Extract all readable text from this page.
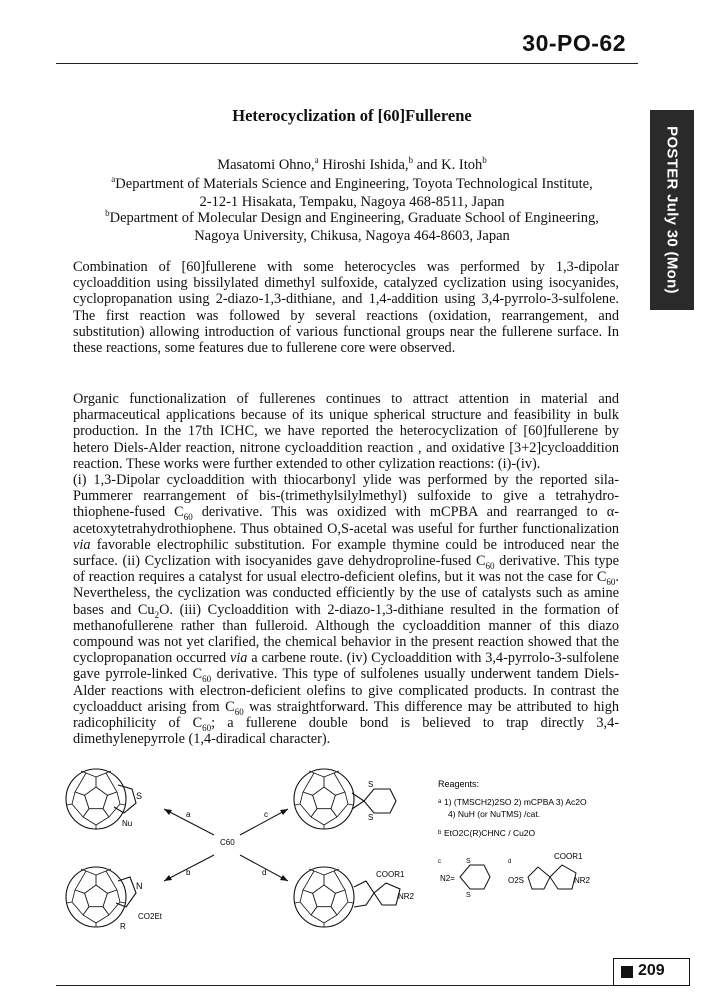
30-PO-62
POSTER July 30 (Mon)
Heterocyclization of [60]Fullerene
Masatomi Ohno,$^a$ Hiroshi Ishida,$^b$ and K. Itoh$^b$
$^a$Department of Materials Science and Engineering, Toyota Technological Institute,
2-12-1 Hisakata, Tempaku, Nagoya 468-8511, Japan
$^b$Department of Molecular Design and Engineering, Graduate School of Engineering,
Nagoya University, Chikusa, Nagoya 464-8603, Japan
Combination of [60]fullerene with some heterocycles was performed by 1,3-dipolar cycloaddition using bissilylated dimethyl sulfoxide, catalyzed cyclization using isocyanides, cyclopropanation using 2-diazo-1,3-dithiane, and 1,4-addition using 3,4-pyrrolo-3-sulfolene. The first reaction was followed by several reactions (oxidation, rearrangement, and substitution) allowing introduction of various functional groups near the fullerene surface. In these reactions, some features due to fullerene core were observed.
Organic functionalization of fullerenes continues to attract attention in material and pharmaceutical applications because of its unique spherical structure and feasibility in bulk production. In the 17th ICHC, we have reported the heterocyclization of [60]fullerene by hetero Diels-Alder reaction, nitrone cycloaddition reaction , and oxidative [3+2]cycloaddition reaction. These works were further extended to other cylization reactions: (i)-(iv).
(i) 1,3-Dipolar cycloaddition with thiocarbonyl ylide was performed by the reported sila-Pummerer rearrangement of bis-(trimethylsilylmethyl) sulfoxide to give a tetrahydro-thiophene-fused $C_{60}$ derivative. This was oxidized with mCPBA and rearranged to α-acetoxytetrahydrothiophene. Thus obtained O,S-acetal was useful for further functionalization via favorable electrophilic substitution. For example thymine could be introduced near the surface. (ii) Cyclization with isocyanides gave dehydroproline-fused $C_{60}$ derivative. This type of reaction requires a catalyst for usual electro-deficient olefins, but it was not the case for $C_{60}$. Nevertheless, the cyclization was conducted efficiently by the use of catalysts such as amine bases and $Cu_2O$. (iii) Cycloaddition with 2-diazo-1,3-dithiane resulted in the formation of methanofullerene rather than fulleroid. Although the cycloaddition manner of this diazo compound was not yet clarified, the chemical behavior in the present reaction showed that the cyclopropanation occurred via a carbene route. (iv) Cycloaddition with 3,4-pyrrolo-3-sulfolene gave pyrrole-linked $C_{60}$ derivative. This type of sulfolenes usually underwent tandem Diels-Alder reactions with electron-deficient olefins to give complicated products. In contrast the cycloadduct arising from $C_{60}$ was straightforward. This difference may be attributed to high radicophilicity of $C_{60}$; a fullerene double bond is believed to trap directly 3,4-dimethylenepyrrole (1,4-diradical character).
S
Nu
N
CO2Et
R
S
S
COOR1
NR2
C60
a
b
c
d
Reagents:
a 1) (TMSCH2)2SO 2) mCPBA 3) Ac2O
4) NuH (or NuTMS) /cat.
b EtO2C(R)CHNC / Cu2O
c
N2=
S
S
d
O2S
COOR1
NR2
209
